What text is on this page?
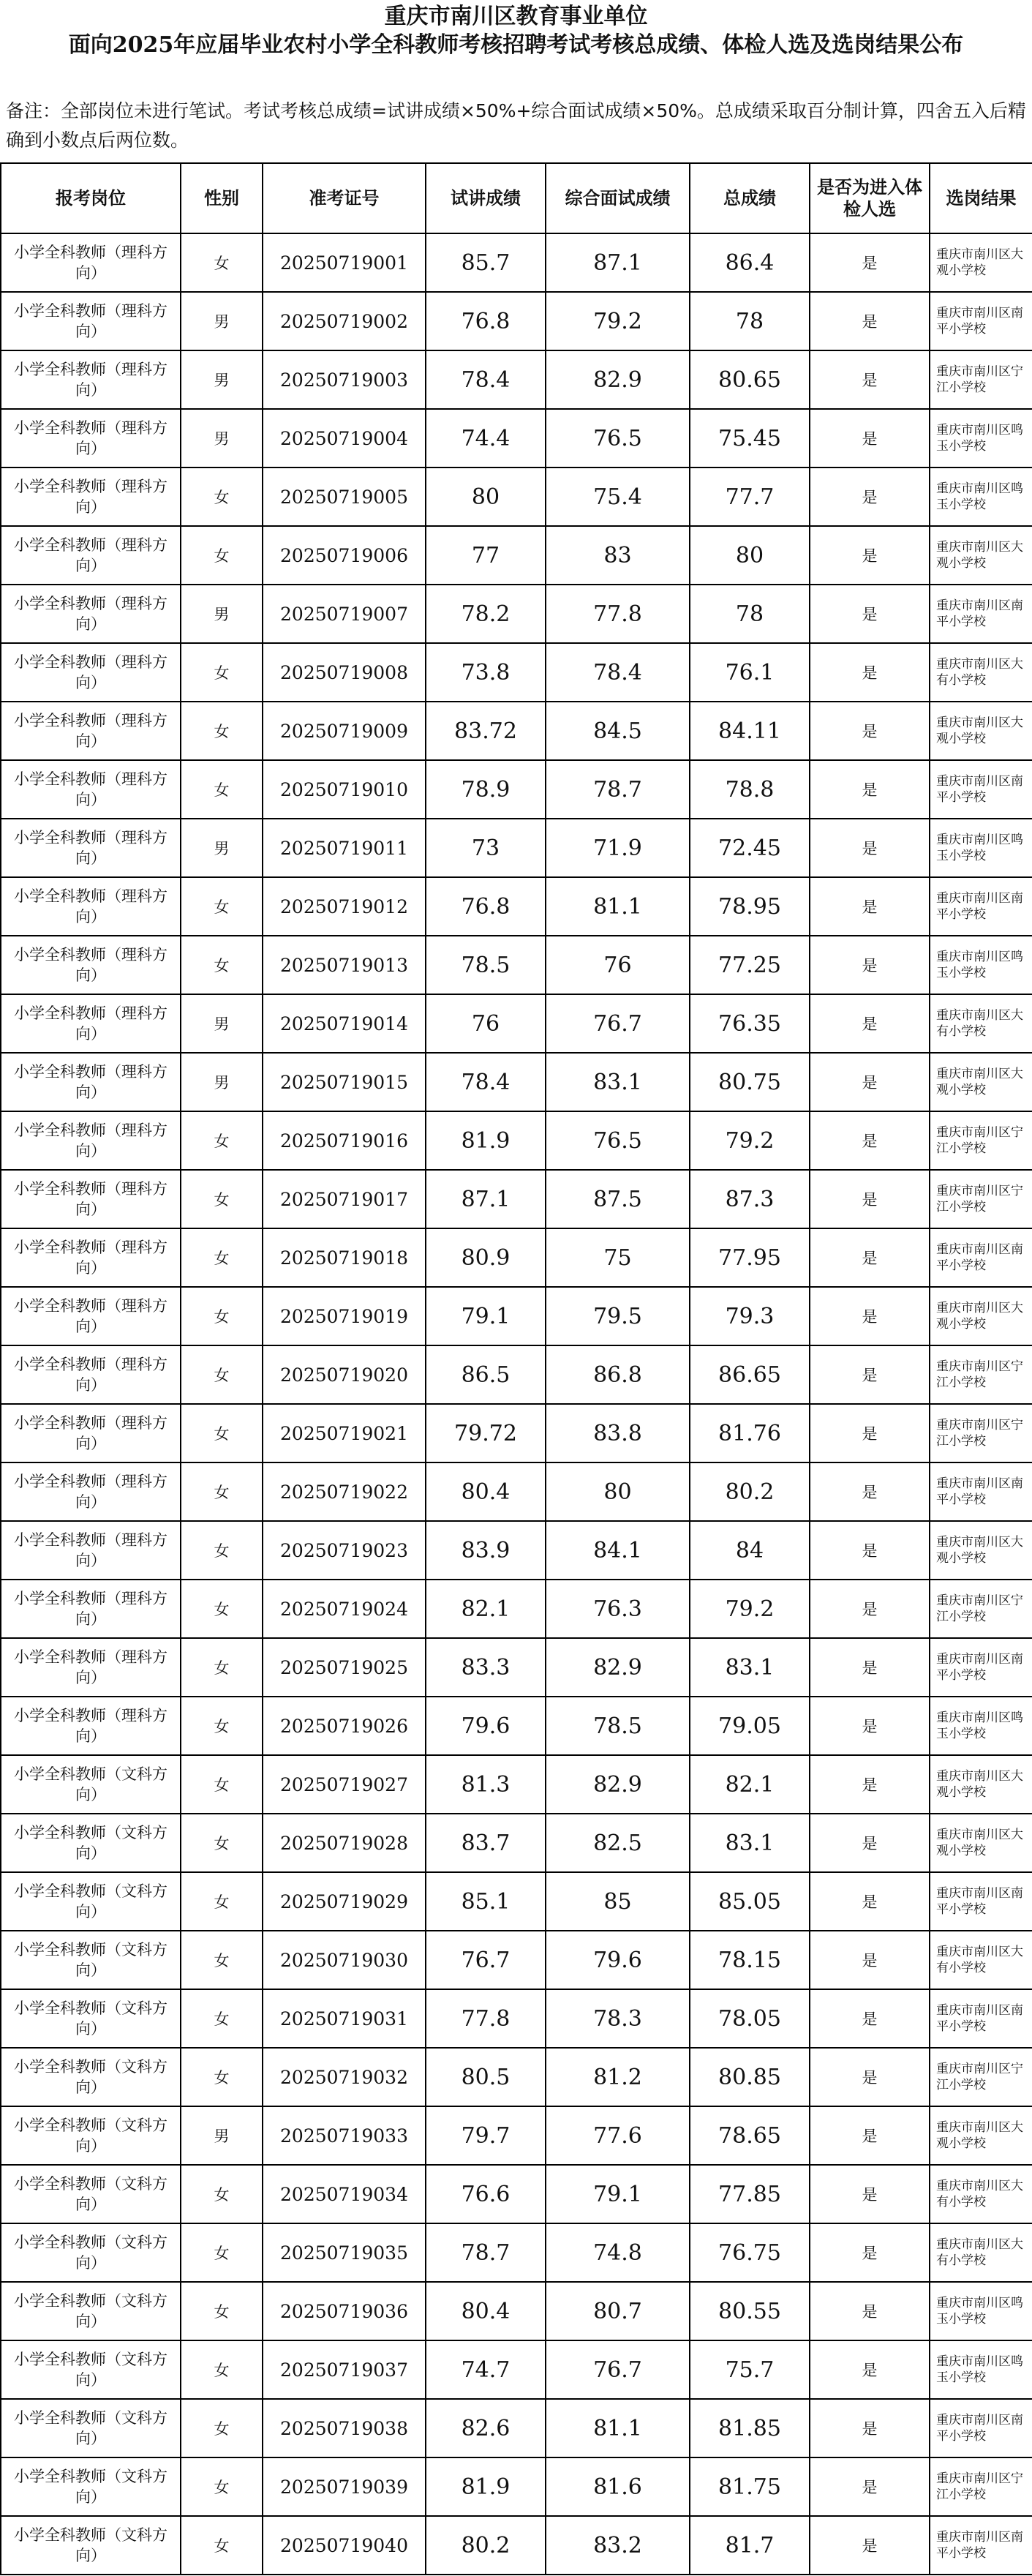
重庆市南川区教育事业单位
面向2025年应届毕业农村小学全科教师考核招聘考试考核总成绩、体检人选及选岗结果公布
备注：全部岗位未进行笔试。考试考核总成绩=试讲成绩×50%+综合面试成绩×50%。总成绩采取百分制计算，四舍五入后精确到小数点后两位数。
报考岗位	性别	准考证号	试讲成绩	综合面试成绩	总成绩	是否为进入体检人选	选岗结果
小学全科教师（理科方向）	女	20250719001	85.7	87.1	86.4	是	重庆市南川区大观小学校
小学全科教师（理科方向）	男	20250719002	76.8	79.2	78	是	重庆市南川区南平小学校
小学全科教师（理科方向）	男	20250719003	78.4	82.9	80.65	是	重庆市南川区宁江小学校
小学全科教师（理科方向）	男	20250719004	74.4	76.5	75.45	是	重庆市南川区鸣玉小学校
小学全科教师（理科方向）	女	20250719005	80	75.4	77.7	是	重庆市南川区鸣玉小学校
小学全科教师（理科方向）	女	20250719006	77	83	80	是	重庆市南川区大观小学校
小学全科教师（理科方向）	男	20250719007	78.2	77.8	78	是	重庆市南川区南平小学校
小学全科教师（理科方向）	女	20250719008	73.8	78.4	76.1	是	重庆市南川区大有小学校
小学全科教师（理科方向）	女	20250719009	83.72	84.5	84.11	是	重庆市南川区大观小学校
小学全科教师（理科方向）	女	20250719010	78.9	78.7	78.8	是	重庆市南川区南平小学校
小学全科教师（理科方向）	男	20250719011	73	71.9	72.45	是	重庆市南川区鸣玉小学校
小学全科教师（理科方向）	女	20250719012	76.8	81.1	78.95	是	重庆市南川区南平小学校
小学全科教师（理科方向）	女	20250719013	78.5	76	77.25	是	重庆市南川区鸣玉小学校
小学全科教师（理科方向）	男	20250719014	76	76.7	76.35	是	重庆市南川区大有小学校
小学全科教师（理科方向）	男	20250719015	78.4	83.1	80.75	是	重庆市南川区大观小学校
小学全科教师（理科方向）	女	20250719016	81.9	76.5	79.2	是	重庆市南川区宁江小学校
小学全科教师（理科方向）	女	20250719017	87.1	87.5	87.3	是	重庆市南川区宁江小学校
小学全科教师（理科方向）	女	20250719018	80.9	75	77.95	是	重庆市南川区南平小学校
小学全科教师（理科方向）	女	20250719019	79.1	79.5	79.3	是	重庆市南川区大观小学校
小学全科教师（理科方向）	女	20250719020	86.5	86.8	86.65	是	重庆市南川区宁江小学校
小学全科教师（理科方向）	女	20250719021	79.72	83.8	81.76	是	重庆市南川区宁江小学校
小学全科教师（理科方向）	女	20250719022	80.4	80	80.2	是	重庆市南川区南平小学校
小学全科教师（理科方向）	女	20250719023	83.9	84.1	84	是	重庆市南川区大观小学校
小学全科教师（理科方向）	女	20250719024	82.1	76.3	79.2	是	重庆市南川区宁江小学校
小学全科教师（理科方向）	女	20250719025	83.3	82.9	83.1	是	重庆市南川区南平小学校
小学全科教师（理科方向）	女	20250719026	79.6	78.5	79.05	是	重庆市南川区鸣玉小学校
小学全科教师（文科方向）	女	20250719027	81.3	82.9	82.1	是	重庆市南川区大观小学校
小学全科教师（文科方向）	女	20250719028	83.7	82.5	83.1	是	重庆市南川区大观小学校
小学全科教师（文科方向）	女	20250719029	85.1	85	85.05	是	重庆市南川区南平小学校
小学全科教师（文科方向）	女	20250719030	76.7	79.6	78.15	是	重庆市南川区大有小学校
小学全科教师（文科方向）	女	20250719031	77.8	78.3	78.05	是	重庆市南川区南平小学校
小学全科教师（文科方向）	女	20250719032	80.5	81.2	80.85	是	重庆市南川区宁江小学校
小学全科教师（文科方向）	男	20250719033	79.7	77.6	78.65	是	重庆市南川区大观小学校
小学全科教师（文科方向）	女	20250719034	76.6	79.1	77.85	是	重庆市南川区大有小学校
小学全科教师（文科方向）	女	20250719035	78.7	74.8	76.75	是	重庆市南川区大有小学校
小学全科教师（文科方向）	女	20250719036	80.4	80.7	80.55	是	重庆市南川区鸣玉小学校
小学全科教师（文科方向）	女	20250719037	74.7	76.7	75.7	是	重庆市南川区鸣玉小学校
小学全科教师（文科方向）	女	20250719038	82.6	81.1	81.85	是	重庆市南川区南平小学校
小学全科教师（文科方向）	女	20250719039	81.9	81.6	81.75	是	重庆市南川区宁江小学校
小学全科教师（文科方向）	女	20250719040	80.2	83.2	81.7	是	重庆市南川区南平小学校
